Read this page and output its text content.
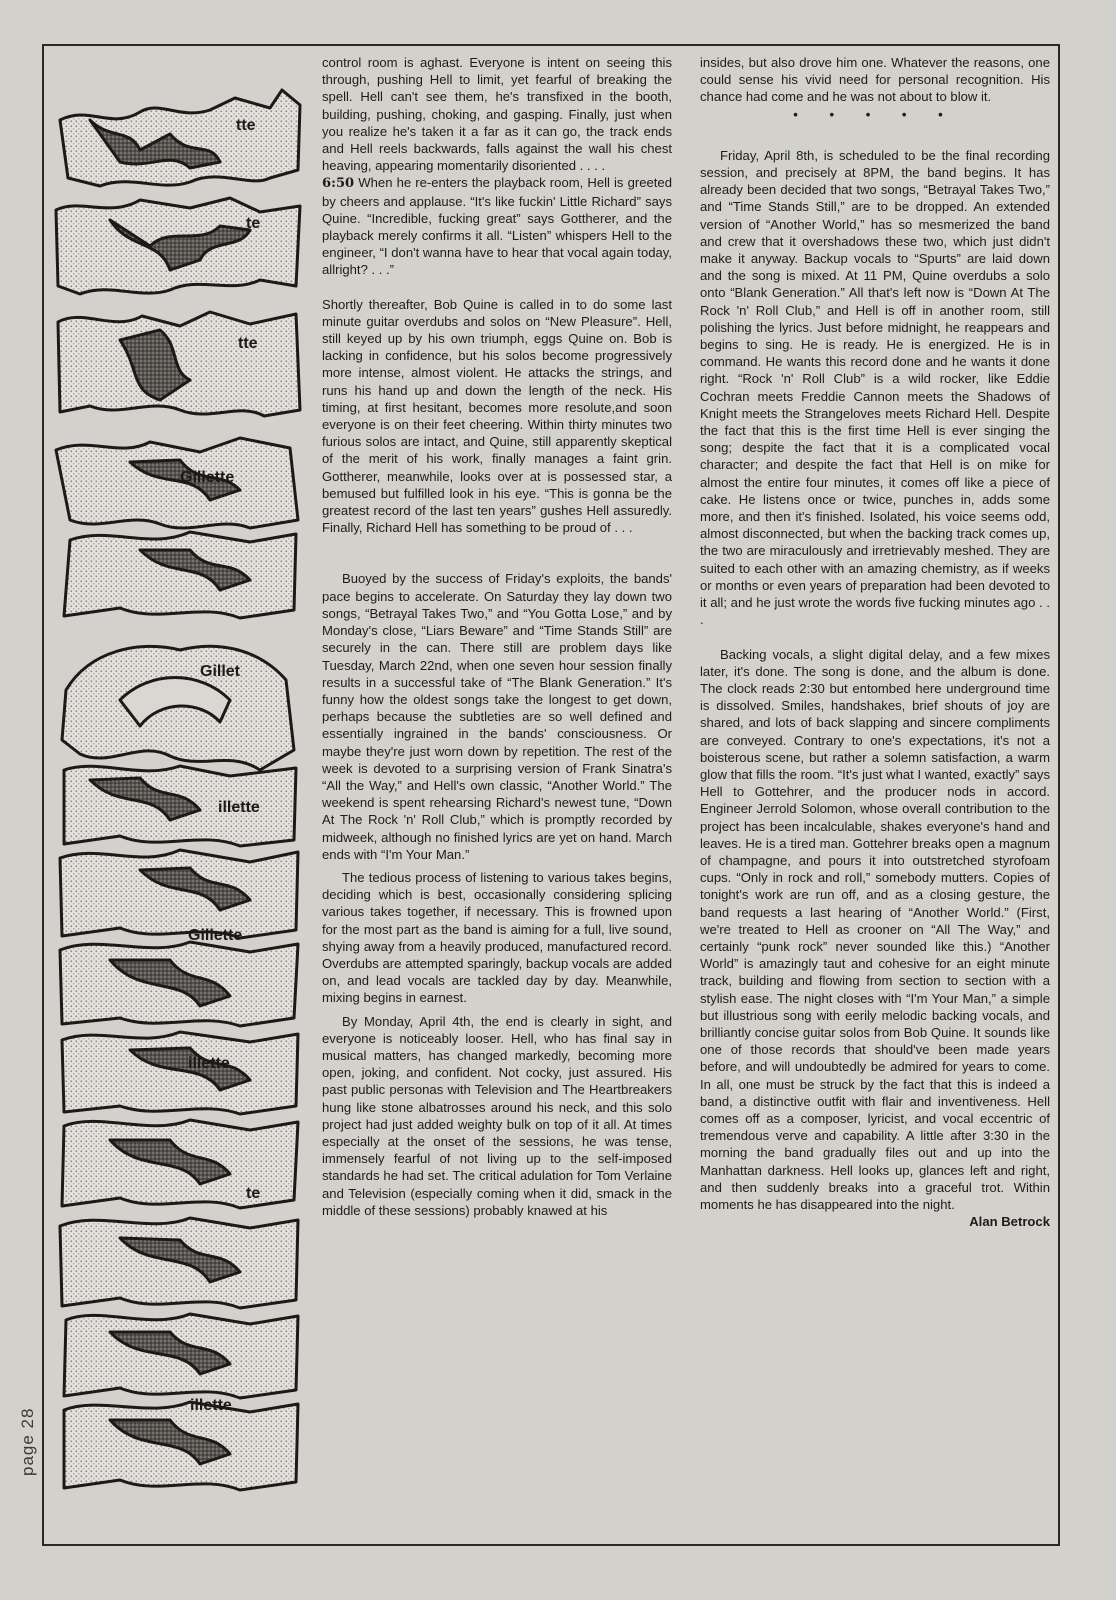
page 28
tte
te
tte
Gillette
Gillet
illette
Gillette
illette
te
illette

control room is aghast. Everyone is intent on seeing this through, pushing Hell to limit, yet fearful of breaking the spell. Hell can't see them, he's transfixed in the booth, building, pushing, choking, and gasping. Finally, just when you realize he's taken it a far as it can go, the track ends and Hell reels backwards, falls against the wall his chest heaving, appearing momentarily disoriented . . . .

6:50 When he re-enters the playback room, Hell is greeted by cheers and applause. “It's like fuckin' Little Richard” says Quine. “Incredible, fucking great” says Gottherer, and the playback merely confirms it all. “Listen” whispers Hell to the engineer, “I don't wanna have to hear that vocal again today, allright? . . .”

Shortly thereafter, Bob Quine is called in to do some last minute guitar overdubs and solos on “New Pleasure”. Hell, still keyed up by his own triumph, eggs Quine on. Bob is lacking in confidence, but his solos become progressively more intense, almost violent. He attacks the strings, and runs his hand up and down the length of the neck. His timing, at first hesitant, becomes more resolute,and soon everyone is on their feet cheering. Within thirty minutes two furious solos are intact, and Quine, still apparently skeptical of the merit of his work, finally manages a faint grin. Gottherer, meanwhile, looks over at is possessed star, a bemused but fulfilled look in his eye. “This is gonna be the greatest record of the last ten years” gushes Hell assuredly. Finally, Richard Hell has something to be proud of . . .

Buoyed by the success of Friday's exploits, the bands' pace begins to accelerate. On Saturday they lay down two songs, “Betrayal Takes Two,” and “You Gotta Lose,” and by Monday's close, “Liars Beware” and “Time Stands Still” are securely in the can. There still are problem days like Tuesday, March 22nd, when one seven hour session finally results in a successful take of “The Blank Generation.” It's funny how the oldest songs take the longest to get down, perhaps because the subtleties are so well defined and essentially ingrained in the bands' consciousness. Or maybe they're just worn down by repetition. The rest of the week is devoted to a surprising version of Frank Sinatra's “All the Way,” and Hell's own classic, “Another World.” The weekend is spent rehearsing Richard's newest tune, “Down At The Rock 'n' Roll Club,” which is promptly recorded by midweek, although no finished lyrics are yet on hand. March ends with “I'm Your Man.”

The tedious process of listening to various takes begins, deciding which is best, occasionally considering splicing various takes together, if necessary. This is frowned upon for the most part as the band is aiming for a full, live sound, shying away from a heavily produced, manufactured record. Overdubs are attempted sparingly, backup vocals are added on, and lead vocals are tackled day by day. Meanwhile, mixing begins in earnest.

By Monday, April 4th, the end is clearly in sight, and everyone is noticeably looser. Hell, who has final say in musical matters, has changed markedly, becoming more open, joking, and confident. Not cocky, just assured. His past public personas with Television and The Heartbreakers hung like stone albatrosses around his neck, and this solo project had just added weighty bulk on top of it all. At times especially at the onset of the sessions, he was tense, immensely fearful of not living up to the self-imposed standards he had set. The critical adulation for Tom Verlaine and Television (especially coming when it did, smack in the middle of these sessions) probably knawed at his

insides, but also drove him one. Whatever the reasons, one could sense his vivid need for personal recognition. His chance had come and he was not about to blow it.

• • • • •

Friday, April 8th, is scheduled to be the final recording session, and precisely at 8PM, the band begins. It has already been decided that two songs, “Betrayal Takes Two,” and “Time Stands Still,” are to be dropped. An extended version of “Another World,” has so mesmerized the band and crew that it overshadows these two, which just didn't make it anyway. Backup vocals to “Spurts” are laid down and the song is mixed. At 11 PM, Quine overdubs a solo onto “Blank Generation.” All that's left now is “Down At The Rock 'n' Roll Club,” and Hell is off in another room, still polishing the lyrics. Just before midnight, he reappears and begins to sing. He is ready. He is energized. He is in command. He wants this record done and he wants it done right. “Rock 'n' Roll Club” is a wild rocker, like Eddie Cochran meets Freddie Cannon meets the Shadows of Knight meets the Strangeloves meets Richard Hell. Despite the fact that this is the first time Hell is ever singing the song; despite the fact that it is a complicated vocal character; and despite the fact that Hell is on mike for almost the entire four minutes, it comes off like a piece of cake. He listens once or twice, punches in, adds some more, and then it's finished. Isolated, his voice seems odd, almost disconnected, but when the backing track comes up, the two are miraculously and irretrievably meshed. They are suited to each other with an amazing chemistry, as if weeks or months or even years of preparation had been devoted to it all; and he just wrote the words five fucking minutes ago . . .

Backing vocals, a slight digital delay, and a few mixes later, it's done. The song is done, and the album is done. The clock reads 2:30 but entombed here underground time is dissolved. Smiles, handshakes, brief shouts of joy are shared, and lots of back slapping and sincere compliments are conveyed. Contrary to one's expectations, it's not a boisterous scene, but rather a solemn satisfaction, a warm glow that fills the room. “It's just what I wanted, exactly” says Hell to Gottehrer, and the producer nods in accord. Engineer Jerrold Solomon, whose overall contribution to the project has been incalculable, shakes everyone's hand and leaves. He is a tired man. Gottehrer breaks open a magnum of champagne, and pours it into outstretched styrofoam cups. “Only in rock and roll,” somebody mutters. Copies of tonight's work are run off, and as a closing gesture, the band requests a last hearing of “Another World.” (First, we're treated to Hell as crooner on “All The Way,” and certainly “punk rock” never sounded like this.) “Another World” is amazingly taut and cohesive for an eight minute track, building and flowing from section to section with a stylish ease. The night closes with “I'm Your Man,” a simple but illustrious song with eerily melodic backing vocals, and brilliantly concise guitar solos from Bob Quine. It sounds like one of those records that should've been made years before, and will undoubtedly be admired for years to come. In all, one must be struck by the fact that this is indeed a band, a distinctive outfit with flair and inventiveness. Hell comes off as a composer, lyricist, and vocal eccentric of tremendous verve and capability. A little after 3:30 in the morning the band gradually files out and up into the Manhattan darkness. Hell looks up, glances left and right, and then suddenly breaks into a graceful trot. Within moments he has disappeared into the night.

Alan Betrock
